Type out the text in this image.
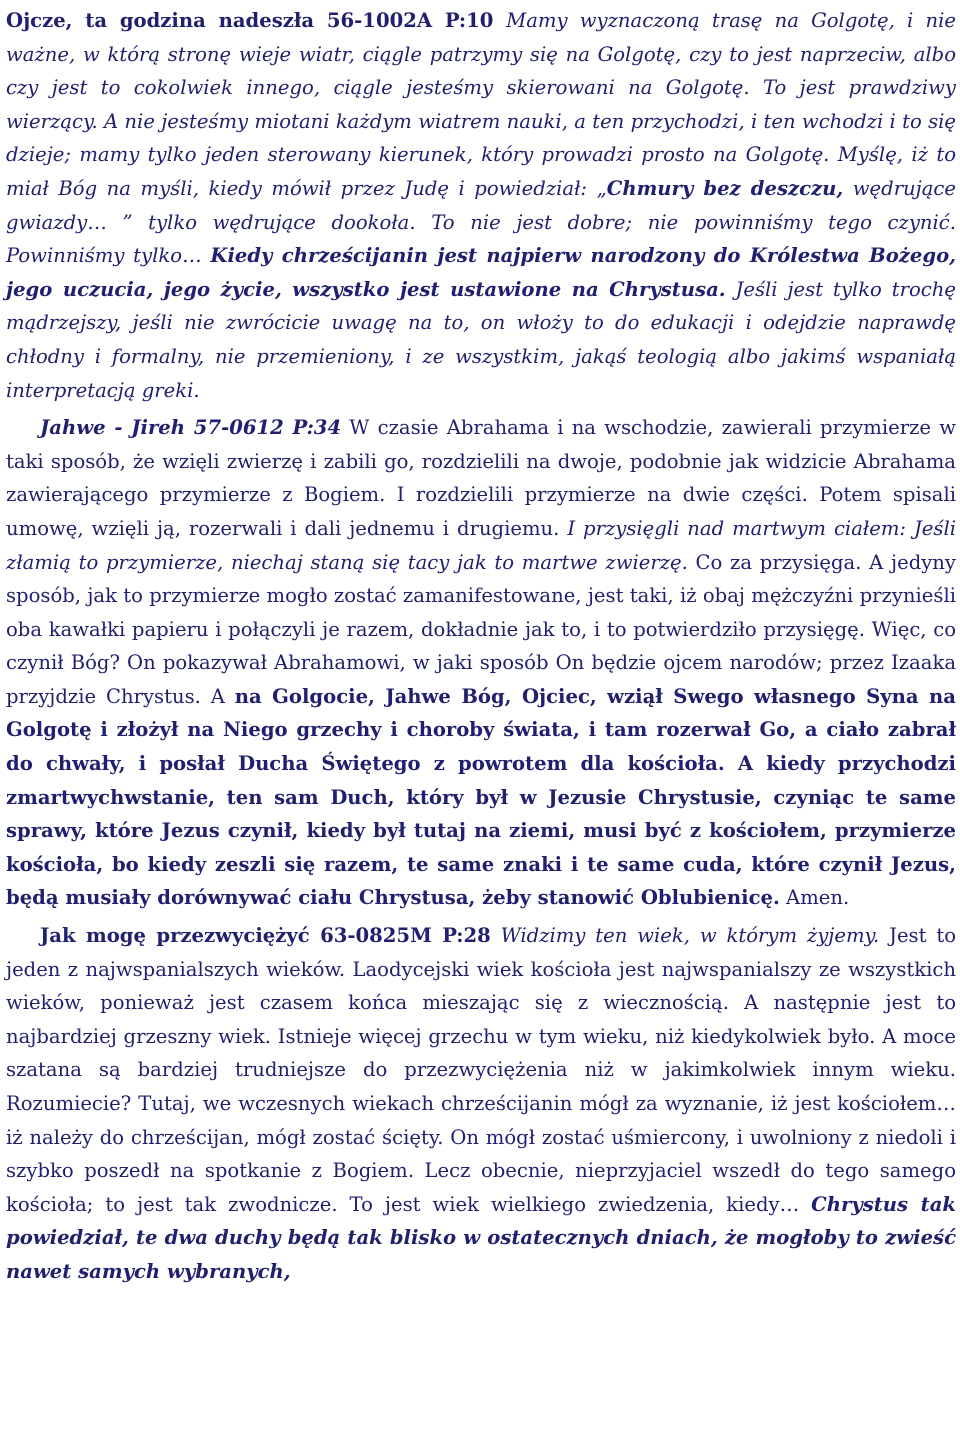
Ojcze, ta godzina nadeszła 56-1002A P:10 Mamy wyznaczoną trasę na Golgotę, i nie ważne, w którą stronę wieje wiatr, ciągle patrzymy się na Golgotę, czy to jest naprzeciw, albo czy jest to cokolwiek innego, ciągle jesteśmy skierowani na Golgotę. To jest prawdziwy wierzący. A nie jesteśmy miotani każdym wiatrem nauki, a ten przychodzi, i ten wchodzi i to się dzieje; mamy tylko jeden sterowany kierunek, który prowadzi prosto na Golgotę. Myślę, iż to miał Bóg na myśli, kiedy mówił przez Judę i powiedział: „Chmury bez deszczu, wędrujące gwiazdy… ” tylko wędrujące dookoła. To nie jest dobre; nie powinniśmy tego czynić. Powinniśmy tylko… Kiedy chrześcijanin jest najpierw narodzony do Królestwa Bożego, jego uczucia, jego życie, wszystko jest ustawione na Chrystusa. Jeśli jest tylko trochę mądrzejszy, jeśli nie zwrócicie uwagę na to, on włoży to do edukacji i odejdzie naprawdę chłodny i formalny, nie przemieniony, i ze wszystkim, jakąś teologią albo jakimś wspaniałą interpretacją greki.

Jahwe - Jireh 57-0612 P:34 W czasie Abrahama i na wschodzie, zawierali przymierze w taki sposób, że wzięli zwierzę i zabili go, rozdzielili na dwoje, podobnie jak widzicie Abrahama zawierającego przymierze z Bogiem. I rozdzielili przymierze na dwie części. Potem spisali umowę, wzięli ją, rozerwali i dali jednemu i drugiemu. I przysięgli nad martwym ciałem: Jeśli złamią to przymierze, niechaj staną się tacy jak to martwe zwierzę. Co za przysięga. A jedyny sposób, jak to przymierze mogło zostać zamanifestowane, jest taki, iż obaj mężczyźni przynieśli oba kawałki papieru i połączyli je razem, dokładnie jak to, i to potwierdziło przysięgę. Więc, co czynił Bóg? On pokazywał Abrahamowi, w jaki sposób On będzie ojcem narodów; przez Izaaka przyjdzie Chrystus. A na Golgocie, Jahwe Bóg, Ojciec, wziął Swego własnego Syna na Golgotę i złożył na Niego grzechy i choroby świata, i tam rozerwał Go, a ciało zabrał do chwały, i posłał Ducha Świętego z powrotem dla kościoła. A kiedy przychodzi zmartwychwstanie, ten sam Duch, który był w Jezusie Chrystusie, czyniąc te same sprawy, które Jezus czynił, kiedy był tutaj na ziemi, musi być z kościołem, przymierze kościoła, bo kiedy zeszli się razem, te same znaki i te same cuda, które czynił Jezus, będą musiały dorównywać ciału Chrystusa, żeby stanowić Oblubienicę. Amen.

Jak mogę przezwyciężyć 63-0825M P:28 Widzimy ten wiek, w którym żyjemy. Jest to jeden z najwspanialszych wieków. Laodycejski wiek kościoła jest najwspanialszy ze wszystkich wieków, ponieważ jest czasem końca mieszając się z wiecznością. A następnie jest to najbardziej grzeszny wiek. Istnieje więcej grzechu w tym wieku, niż kiedykolwiek było. A moce szatana są bardziej trudniejsze do przezwyciężenia niż w jakimkolwiek innym wieku. Rozumiecie? Tutaj, we wczesnych wiekach chrześcijanin mógł za wyznanie, iż jest kościołem… iż należy do chrześcijan, mógł zostać ścięty. On mógł zostać uśmiercony, i uwolniony z niedoli i szybko poszedł na spotkanie z Bogiem. Lecz obecnie, nieprzyjaciel wszedł do tego samego kościoła; to jest tak zwodnicze. To jest wiek wielkiego zwiedzenia, kiedy… Chrystus tak powiedział, te dwa duchy będą tak blisko w ostatecznych dniach, że mogłoby to zwieść nawet samych wybranych,
